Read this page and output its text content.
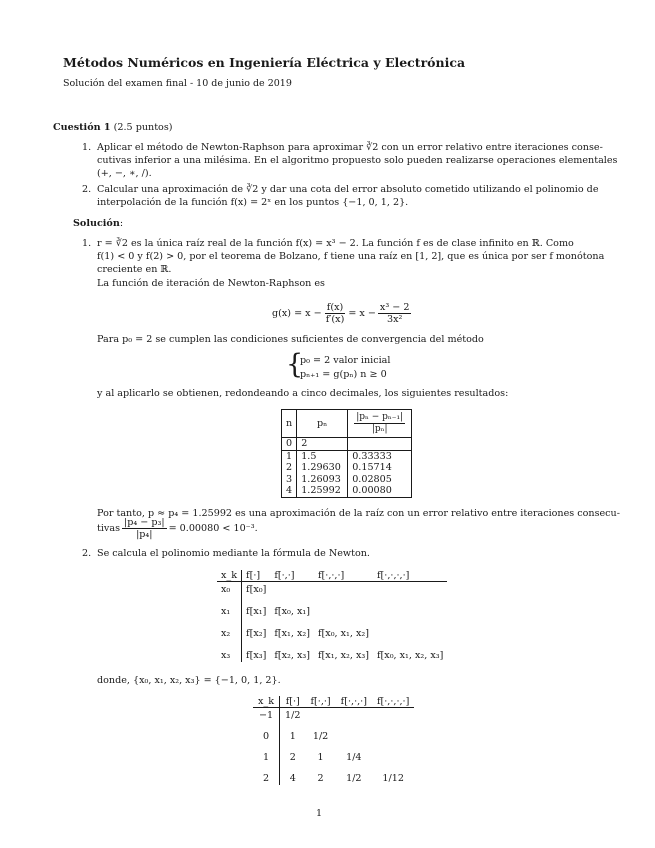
Métodos Numéricos en Ingeniería Eléctrica y Electrónica
Solución del examen final - 10 de junio de 2019
Cuestión 1 (2.5 puntos)
1. Aplicar el método de Newton-Raphson para aproximar ∛2 con un error relativo entre iteraciones conse-
cutivas inferior a una milésima. En el algoritmo propuesto solo pueden realizarse operaciones elementales
(+, −, ∗, /).
2. Calcular una aproximación de ∛2 y dar una cota del error absoluto cometido utilizando el polinomio de
interpolación de la función f(x) = 2ˣ en los puntos {−1, 0, 1, 2}.
Solución:
1. r = ∛2 es la única raíz real de la función f(x) = x³ − 2. La función f es de clase infinito en ℝ. Como
f(1) < 0 y f(2) > 0, por el teorema de Bolzano, f tiene una raíz en [1, 2], que es única por ser f monótona
creciente en ℝ.
La función de iteración de Newton-Raphson es
$g(x) = x - \frac{f(x)}{f'(x)} = x - \frac{\text{x³ − 2}}{\text{3x²}}$
Para p₀ = 2 se cumplen las condiciones suficientes de convergencia del método
{
p₀ = 2 valor inicial
pₙ₊₁ = g(pₙ) n ≥ 0
y al aplicarlo se obtienen, redondeando a cinco decimales, los siguientes resultados:
n	pₙ	$\frac{\text{|pₙ − pₙ₋₁|}}{\text{|pₙ|}}$

0	2	
1	1.5	0.33333
2	1.29630	0.15714
3	1.26093	0.02805
4	1.25992	0.00080
Por tanto, p ≈ p₄ = 1.25992 es una aproximación de la raíz con un error relativo entre iteraciones consecu-
tivas $\frac{\text{|p₄ − p₃|}}{\text{|p₄|}} = 0.00080 < 10^{-3}$.
2. Se calcula el polinomio mediante la fórmula de Newton.
x_k	f[·]	f[·,·]	f[·,·,·]	f[·,·,·,·]
x₀	f[x₀]			
x₁	f[x₁]	f[x₀, x₁]		
x₂	f[x₂]	f[x₁, x₂]	f[x₀, x₁, x₂]	
x₃	f[x₃]	f[x₂, x₃]	f[x₁, x₂, x₃]	f[x₀, x₁, x₂, x₃]
donde, {x₀, x₁, x₂, x₃} = {−1, 0, 1, 2}.
x_k	f[·]	f[·,·]	f[·,·,·]	f[·,·,·,·]
−1	1/2			
0	1	1/2		
1	2	1	1/4	
2	4	2	1/2	1/12
1
